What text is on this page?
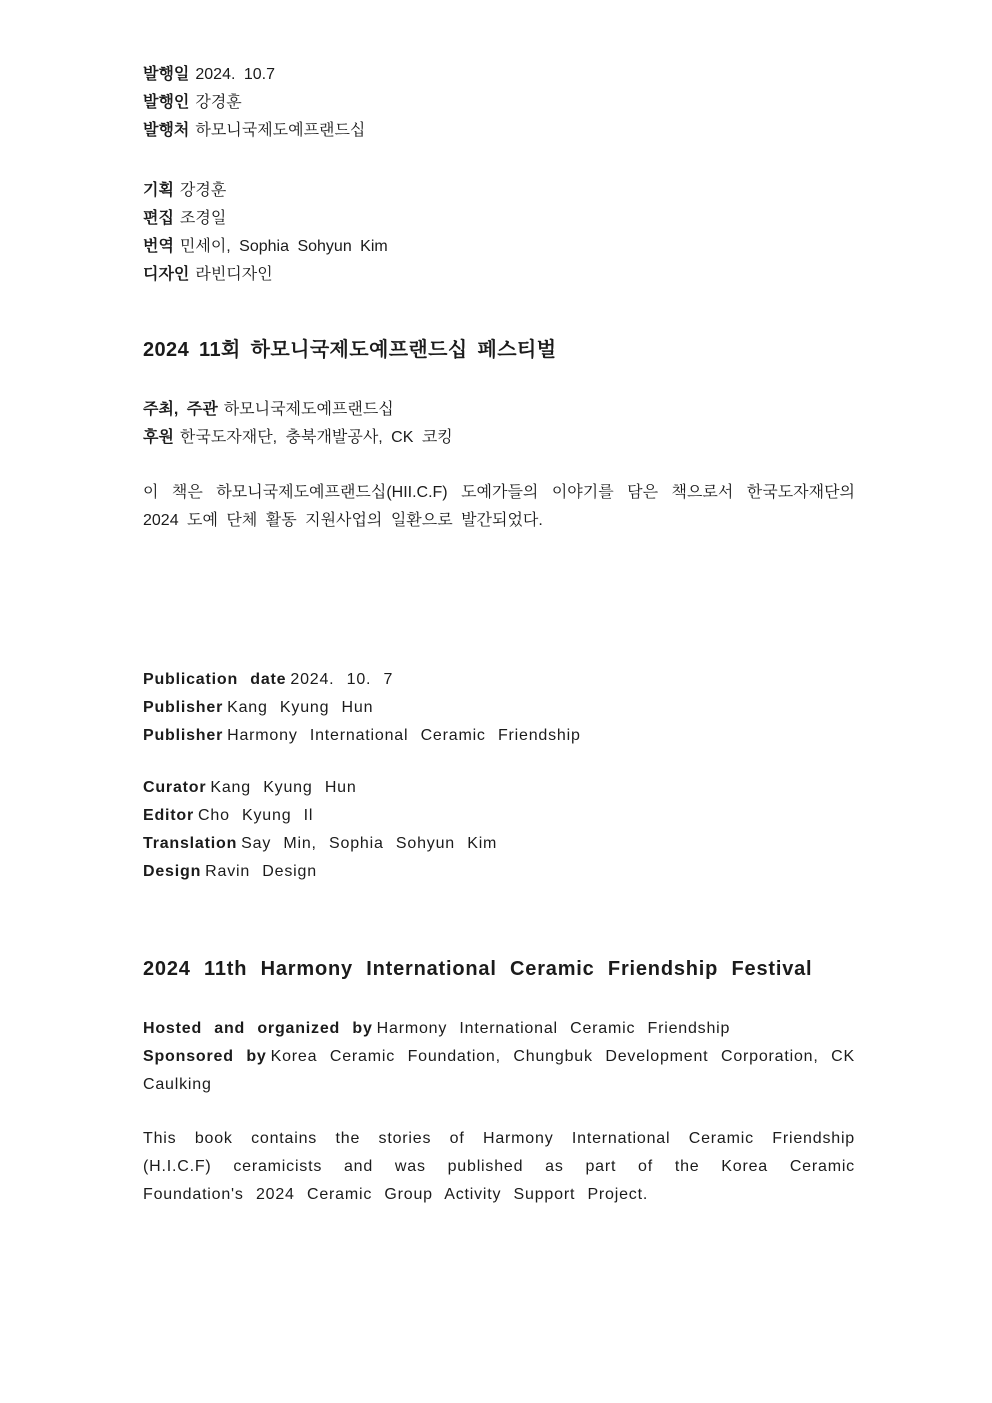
발행일 2024. 10.7

발행인 강경훈

발행처 하모니국제도예프랜드십

기획 강경훈

편집 조경일

번역 민세이, Sophia Sohyun Kim

디자인 라빈디자인

2024 11회 하모니국제도예프랜드십 페스티벌

주최, 주관 하모니국제도예프랜드십

후원 한국도자재단, 충북개발공사, CK 코킹

이 책은 하모니국제도예프랜드십(HII.C.F) 도예가들의 이야기를 담은 책으로서 한국도자재단의 2024 도예 단체 활동 지원사업의 일환으로 발간되었다.

Publication date 2024. 10. 7

Publisher Kang Kyung Hun

Publisher Harmony International Ceramic Friendship

Curator Kang Kyung Hun

Editor Cho Kyung Il

Translation Say Min, Sophia Sohyun Kim

Design Ravin Design

2024 11th Harmony International Ceramic Friendship Festival

Hosted and organized by Harmony International Ceramic Friendship

Sponsored by Korea Ceramic Foundation, Chungbuk Development Corporation, CK Caulking

This book contains the stories of Harmony International Ceramic Friendship (H.I.C.F) ceramicists and was published as part of the Korea Ceramic Foundation's 2024 Ceramic Group Activity Support Project.
